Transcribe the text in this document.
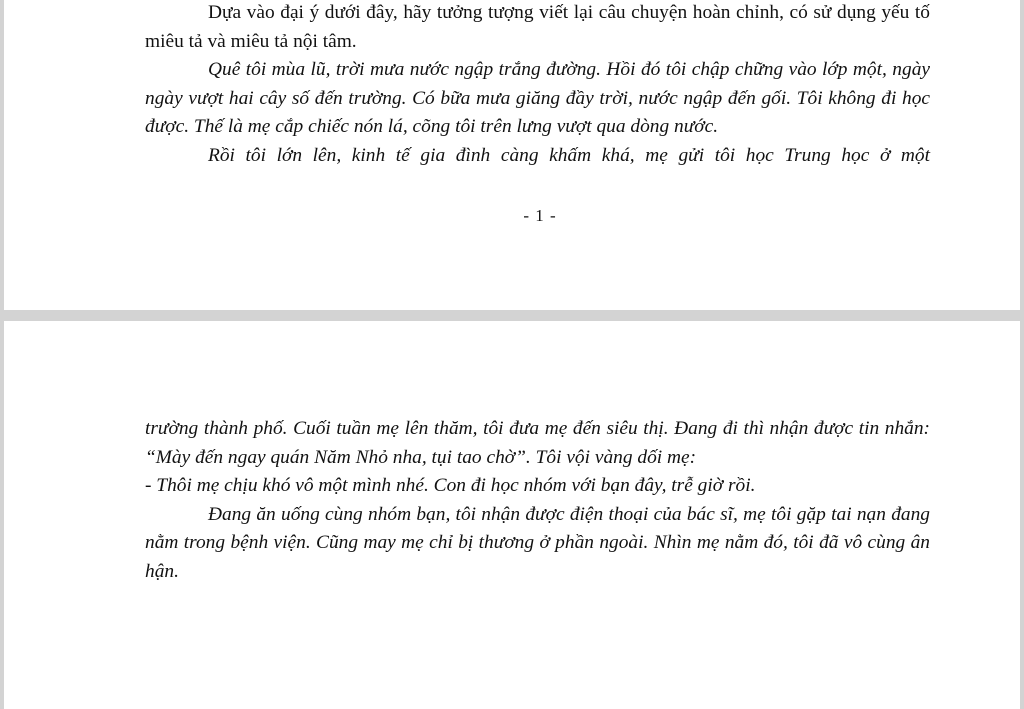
Dựa vào đại ý dưới đây, hãy tưởng tượng viết lại câu chuyện hoàn chỉnh, có sử dụng yếu tố miêu tả và miêu tả nội tâm.

Quê tôi mùa lũ, trời mưa nước ngập trắng đường. Hồi đó tôi chập chững vào lớp một, ngày ngày vượt hai cây số đến trường. Có bữa mưa giăng đầy trời, nước ngập đến gối. Tôi không đi học được. Thế là mẹ cắp chiếc nón lá, cõng tôi trên lưng vượt qua dòng nước.

Rồi tôi lớn lên, kinh tế gia đình càng khấm khá, mẹ gửi tôi học Trung học ở một

- 1 -

trường thành phố. Cuối tuần mẹ lên thăm, tôi đưa mẹ đến siêu thị. Đang đi thì nhận được tin nhắn: “Mày đến ngay quán Năm Nhỏ nha, tụi tao chờ”. Tôi vội vàng dối mẹ:

- Thôi mẹ chịu khó vô một mình nhé. Con đi học nhóm với bạn đây, trễ giờ rồi.

Đang ăn uống cùng nhóm bạn, tôi nhận được điện thoại của bác sĩ, mẹ tôi gặp tai nạn đang nằm trong bệnh viện. Cũng may mẹ chỉ bị thương ở phần ngoài. Nhìn mẹ nằm đó, tôi đã vô cùng ân hận.
